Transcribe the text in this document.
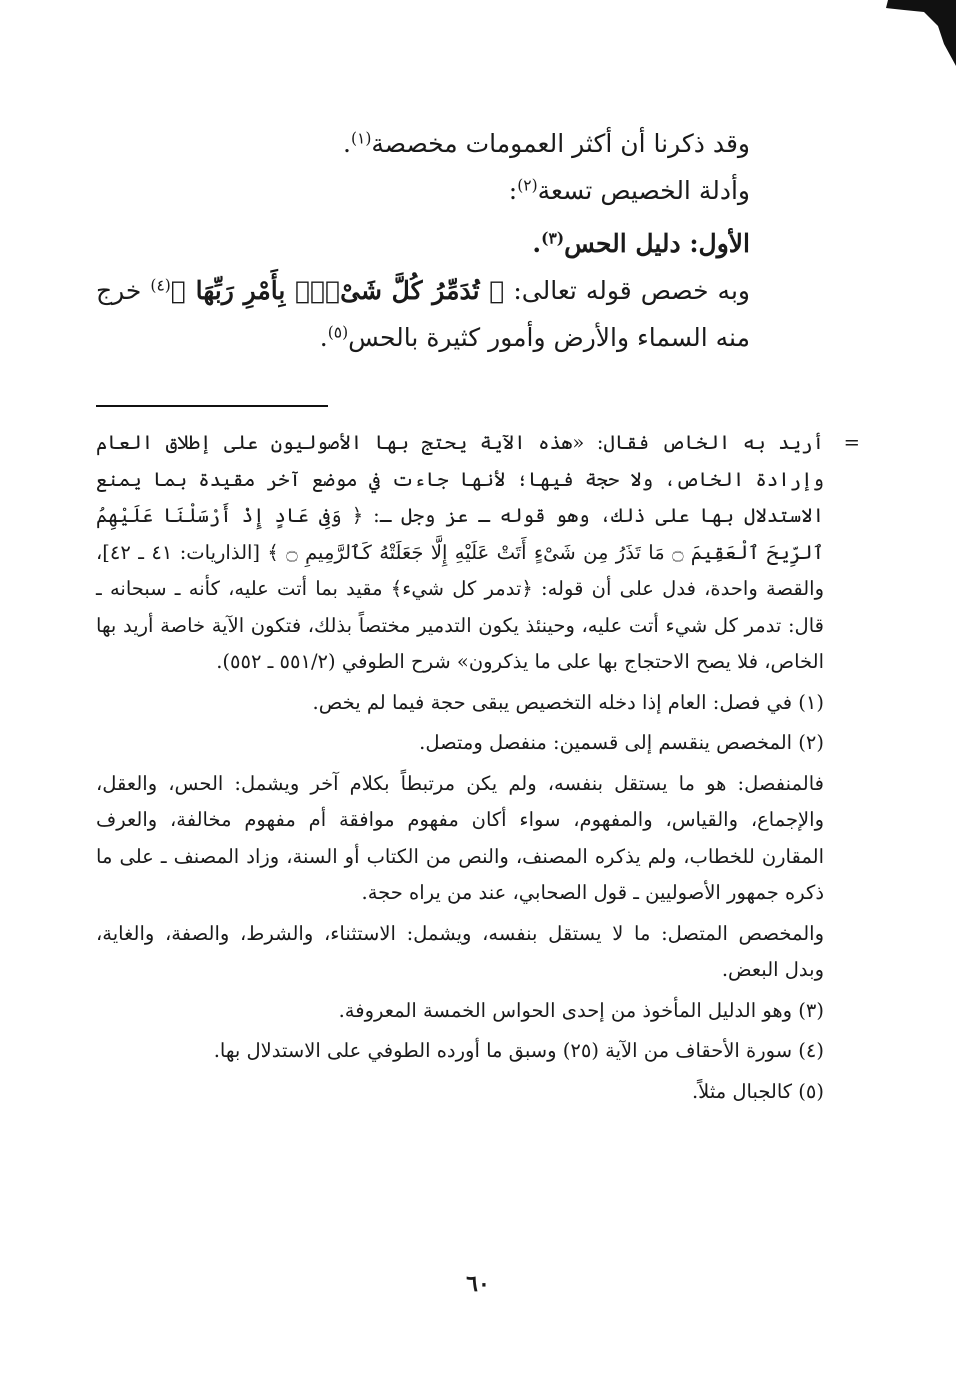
وقد ذكرنا أن أكثر العمومات مخصصة$^{(١)}$.

وأدلة الخصيص تسعة$^{(٢)}$:

الأول: دليل الحس$^{(٣)}$.

وبه خصص قوله تعالى: ﴿ تُدَمِّرُ كُلَّ شَىْءٍۭ بِأَمْرِ رَبِّهَا ﴾$^{(٤)}$ خرج منه السماء والأرض وأمور كثيرة بالحس$^{(٥)}$.

=
أريد به الخاص فقال: «هذه الآية يحتج بها الأصوليون على إطلاق العام وإرادة الخاص، ولا حجة فيها؛ لأنها جاءت في موضع آخر مقيدة بما يمنع الاستدلال بها على ذلك، وهو قوله ـ عز وجل ـ: ﴿ وَفِى عَادٍ إِذْ أَرْسَلْنَا عَلَيْهِمُ ٱلرِّيحَ ٱلْعَقِيمَ ۝ مَا تَذَرُ مِن شَىْءٍ أَتَتْ عَلَيْهِ إِلَّا جَعَلَتْهُ كَٱلرَّمِيمِ ۝ ﴾ [الذاريات: ٤١ ـ ٤٢]، والقصة واحدة، فدل على أن قوله: ﴿تدمر كل شيء﴾ مقيد بما أتت عليه، كأنه ـ سبحانه ـ قال: تدمر كل شيء أتت عليه، وحينئذ يكون التدمير مختصاً بذلك، فتكون الآية خاصة أريد بها الخاص، فلا يصح الاحتجاج بها على ما يذكرون» شرح الطوفي (٥٥١/٢ ـ ٥٥٢).

(١) في فصل: العام إذا دخله التخصيص يبقى حجة فيما لم يخص.

(٢) المخصص ينقسم إلى قسمين: منفصل ومتصل.

فالمنفصل: هو ما يستقل بنفسه، ولم يكن مرتبطاً بكلام آخر ويشمل: الحس، والعقل، والإجماع، والقياس، والمفهوم، سواء أكان مفهوم موافقة أم مفهوم مخالفة، والعرف المقارن للخطاب، ولم يذكره المصنف، والنص من الكتاب أو السنة، وزاد المصنف ـ على ما ذكره جمهور الأصوليين ـ قول الصحابي، عند من يراه حجة.

والمخصص المتصل: ما لا يستقل بنفسه، ويشمل: الاستثناء، والشرط، والصفة، والغاية، وبدل البعض.

(٣) وهو الدليل المأخوذ من إحدى الحواس الخمسة المعروفة.

(٤) سورة الأحقاف من الآية (٢٥) وسبق ما أورده الطوفي على الاستدلال بها.

(٥) كالجبال مثلاً.

٦٠
